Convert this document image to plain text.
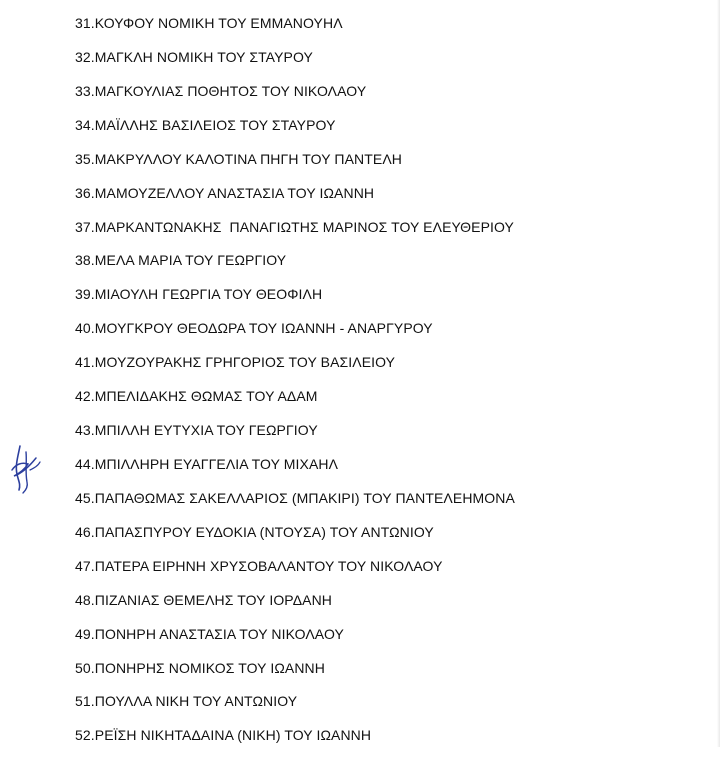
31. ΚΟΥΦΟΥ ΝΟΜΙΚΗ ΤΟΥ ΕΜΜΑΝΟΥΗΛ
32. ΜΑΓΚΛΗ ΝΟΜΙΚΗ ΤΟΥ ΣΤΑΥΡΟΥ
33. ΜΑΓΚΟΥΛΙΑΣ ΠΟΘΗΤΟΣ ΤΟΥ ΝΙΚΟΛΑΟΥ
34. ΜΑΪΛΛΗΣ ΒΑΣΙΛΕΙΟΣ ΤΟΥ ΣΤΑΥΡΟΥ
35. ΜΑΚΡΥΛΛΟΥ ΚΑΛΟΤΙΝΑ ΠΗΓΗ ΤΟΥ ΠΑΝΤΕΛΗ
36. ΜΑΜΟΥΖΕΛΛΟΥ ΑΝΑΣΤΑΣΙΑ ΤΟΥ ΙΩΑΝΝΗ
37. ΜΑΡΚΑΝΤΩΝΑΚΗΣ  ΠΑΝΑΓΙΩΤΗΣ ΜΑΡΙΝΟΣ ΤΟΥ ΕΛΕΥΘΕΡΙΟΥ
38. ΜΕΛΑ ΜΑΡΙΑ ΤΟΥ ΓΕΩΡΓΙΟΥ
39. ΜΙΑΟΥΛΗ ΓΕΩΡΓΙΑ ΤΟΥ ΘΕΟΦΙΛΗ
40. ΜΟΥΓΚΡΟΥ ΘΕΟΔΩΡΑ ΤΟΥ ΙΩΑΝΝΗ - ΑΝΑΡΓΥΡΟΥ
41. ΜΟΥΖΟΥΡΑΚΗΣ ΓΡΗΓΟΡΙΟΣ ΤΟΥ ΒΑΣΙΛΕΙΟΥ
42. ΜΠΕΛΙΔΑΚΗΣ ΘΩΜΑΣ ΤΟΥ ΑΔΑΜ
43. ΜΠΙΛΛΗ ΕΥΤΥΧΙΑ ΤΟΥ ΓΕΩΡΓΙΟΥ
44. ΜΠΙΛΛΗΡΗ ΕΥΑΓΓΕΛΙΑ ΤΟΥ ΜΙΧΑΗΛ
45. ΠΑΠΑΘΩΜΑΣ ΣΑΚΕΛΛΑΡΙΟΣ (ΜΠΑΚΙΡΙ) ΤΟΥ ΠΑΝΤΕΛΕΗΜΟΝΑ
46. ΠΑΠΑΣΠΥΡΟΥ ΕΥΔΟΚΙΑ (ΝΤΟΥΣΑ) ΤΟΥ ΑΝΤΩΝΙΟΥ
47. ΠΑΤΕΡΑ ΕΙΡΗΝΗ ΧΡΥΣΟΒΑΛΑΝΤΟΥ ΤΟΥ ΝΙΚΟΛΑΟΥ
48. ΠΙΖΑΝΙΑΣ ΘΕΜΕΛΗΣ ΤΟΥ ΙΟΡΔΑΝΗ
49. ΠΟΝΗΡΗ ΑΝΑΣΤΑΣΙΑ ΤΟΥ ΝΙΚΟΛΑΟΥ
50. ΠΟΝΗΡΗΣ ΝΟΜΙΚΟΣ ΤΟΥ ΙΩΑΝΝΗ
51. ΠΟΥΛΛΑ ΝΙΚΗ ΤΟΥ ΑΝΤΩΝΙΟΥ
52. ΡΕΪΣΗ ΝΙΚΗΤΑΔΑΙΝΑ (ΝΙΚΗ) ΤΟΥ ΙΩΑΝΝΗ
